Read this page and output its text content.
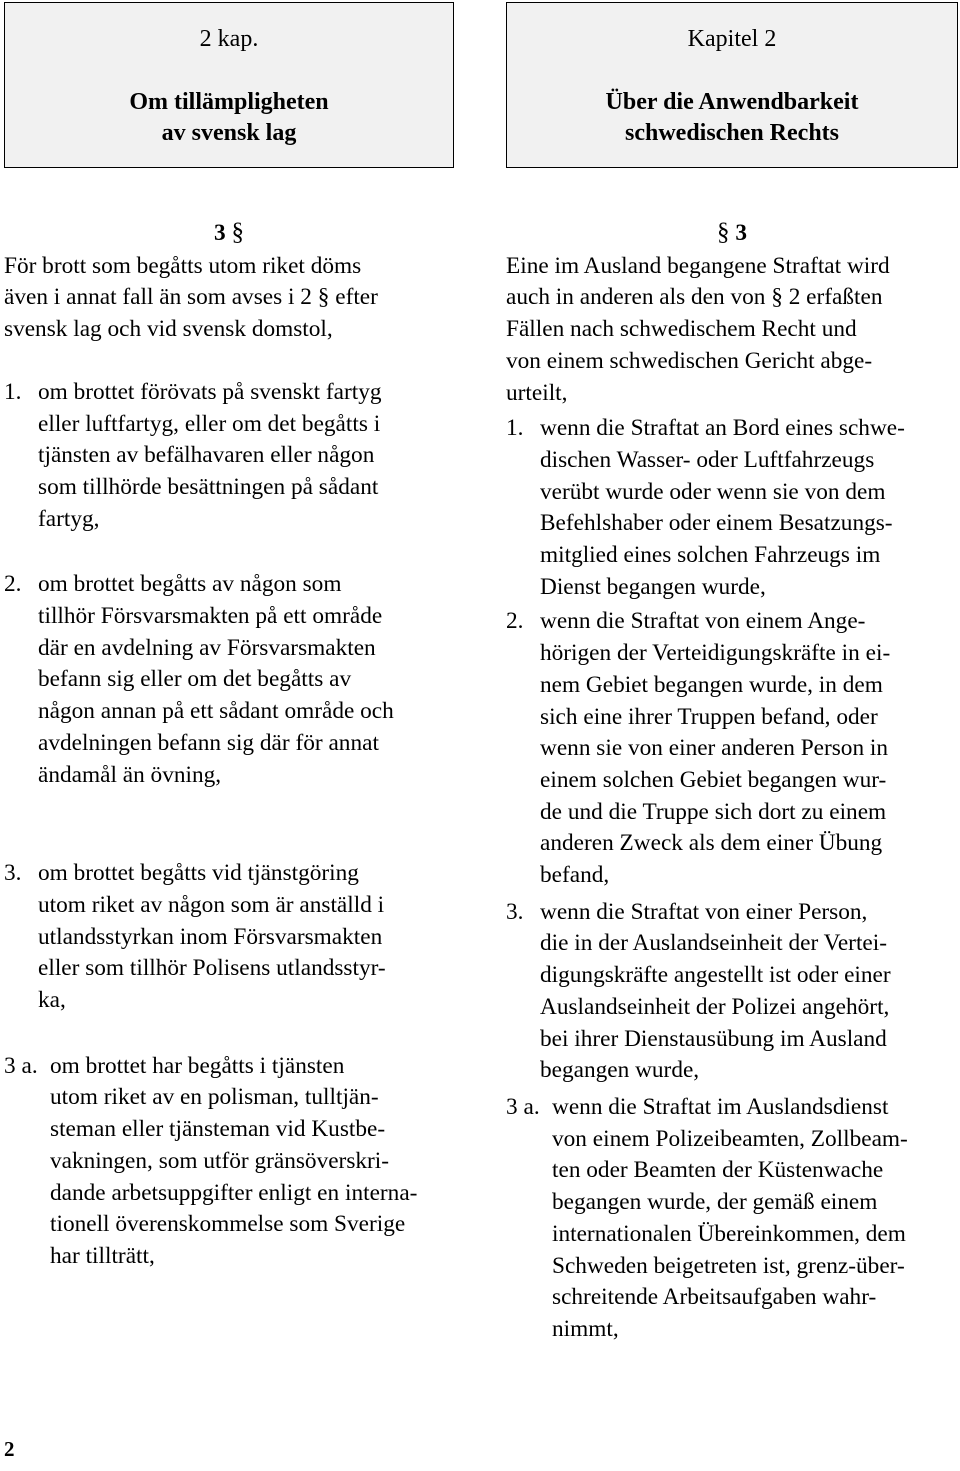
2 kap.
Om tillämpligheten
av svensk lag
Kapitel 2
Über die Anwendbarkeit
schwedischen Rechts
3 §
För brott som begåtts utom riket döms
även i annat fall än som avses i 2 § efter
svensk lag och vid svensk domstol,
1. om brottet förövats på svenskt fartyg
eller luftfartyg, eller om det begåtts i
tjänsten av befälhavaren eller någon
som tillhörde besättningen på sådant
fartyg,
2. om brottet begåtts av någon som
tillhör Försvarsmakten på ett område
där en avdelning av Försvarsmakten
befann sig eller om det begåtts av
någon annan på ett sådant område och
avdelningen befann sig där för annat
ändamål än övning,
3. om brottet begåtts vid tjänstgöring
utom riket av någon som är anställd i
utlandsstyrkan inom Försvarsmakten
eller som tillhör Polisens utlandsstyr-
ka,
3 a. om brottet har begåtts i tjänsten
utom riket av en polisman, tulltjän-
steman eller tjänsteman vid Kustbe-
vakningen, som utför gränsöverskri-
dande arbetsuppgifter enligt en interna-
tionell överenskommelse som Sverige
har tillträtt,
§ 3
Eine im Ausland begangene Straftat wird
auch in anderen als den von § 2 erfaßten
Fällen nach schwedischem Recht und
von einem schwedischen Gericht abge-
urteilt,
1. wenn die Straftat an Bord eines schwe-
dischen Wasser- oder Luftfahrzeugs
verübt wurde oder wenn sie von dem
Befehlshaber oder einem Besatzungs-
mitglied eines solchen Fahrzeugs im
Dienst begangen wurde,
2. wenn die Straftat von einem Ange-
hörigen der Verteidigungskräfte in ei-
nem Gebiet begangen wurde, in dem
sich eine ihrer Truppen befand, oder
wenn sie von einer anderen Person in
einem solchen Gebiet begangen wur-
de und die Truppe sich dort zu einem
anderen Zweck als dem einer Übung
befand,
3. wenn die Straftat von einer Person,
die in der Auslandseinheit der Vertei-
digungskräfte angestellt ist oder einer
Auslandseinheit der Polizei angehört,
bei ihrer Dienstausübung im Ausland
begangen wurde,
3 a. wenn die Straftat im Auslandsdienst
von einem Polizeibeamten, Zollbeam-
ten oder Beamten der Küstenwache
begangen wurde, der gemäß einem
internationalen Übereinkommen, dem
Schweden beigetreten ist, grenz-über-
schreitende Arbeitsaufgaben wahr-
nimmt,
2
